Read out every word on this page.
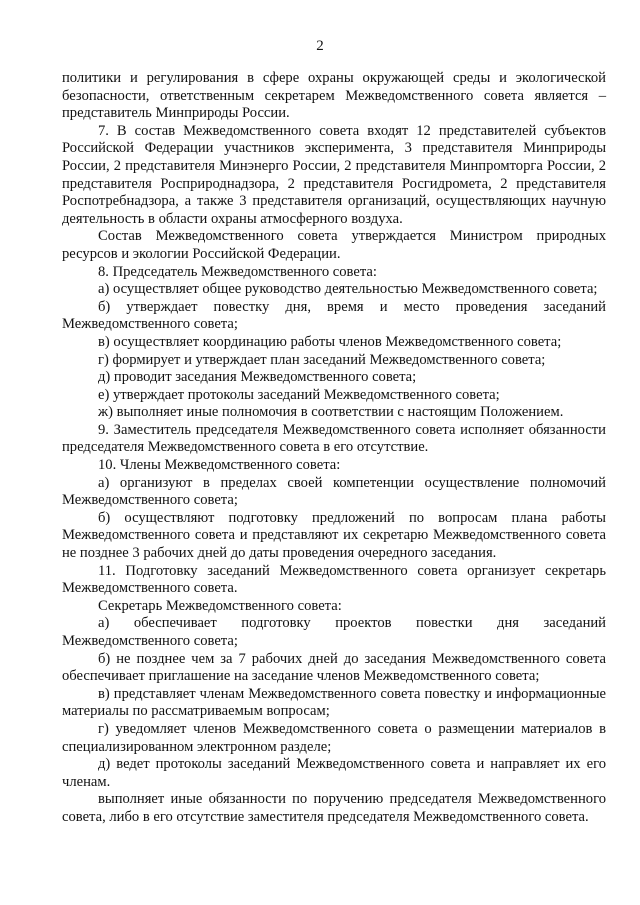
2

политики и регулирования в сфере охраны окружающей среды и экологической безопасности, ответственным секретарем Межведомственного совета является – представитель Минприроды России.

7. В состав Межведомственного совета входят 12 представителей субъектов Российской Федерации участников эксперимента, 3 представителя Минприроды России, 2 представителя Минэнерго России, 2 представителя Минпромторга России, 2 представителя Росприроднадзора, 2 представителя Росгидромета, 2 представителя Роспотребнадзора, а также 3 представителя организаций, осуществляющих научную деятельность в области охраны атмосферного воздуха.

Состав Межведомственного совета утверждается Министром природных ресурсов и экологии Российской Федерации.

8. Председатель Межведомственного совета:

а) осуществляет общее руководство деятельностью Межведомственного совета;

б) утверждает повестку дня, время и место проведения заседаний Межведомственного совета;

в) осуществляет координацию работы членов Межведомственного совета;

г) формирует и утверждает план заседаний Межведомственного совета;

д) проводит заседания Межведомственного совета;

е) утверждает протоколы заседаний Межведомственного совета;

ж) выполняет иные полномочия в соответствии с настоящим Положением.

9. Заместитель председателя Межведомственного совета исполняет обязанности председателя Межведомственного совета в его отсутствие.

10. Члены Межведомственного совета:

а) организуют в пределах своей компетенции осуществление полномочий Межведомственного совета;

б) осуществляют подготовку предложений по вопросам плана работы Межведомственного совета и представляют их секретарю Межведомственного совета не позднее 3 рабочих дней до даты проведения очередного заседания.

11. Подготовку заседаний Межведомственного совета организует секретарь Межведомственного совета.

Секретарь Межведомственного совета:

а) обеспечивает подготовку проектов повестки дня заседаний Межведомственного совета;

б) не позднее чем за 7 рабочих дней до заседания Межведомственного совета обеспечивает приглашение на заседание членов Межведомственного совета;

в) представляет членам Межведомственного совета повестку и информационные материалы по рассматриваемым вопросам;

г) уведомляет членов Межведомственного совета о размещении материалов в специализированном электронном разделе;

д) ведет протоколы заседаний Межведомственного совета и направляет их его членам.

выполняет иные обязанности по поручению председателя Межведомственного совета, либо в его отсутствие заместителя председателя Межведомственного совета.
